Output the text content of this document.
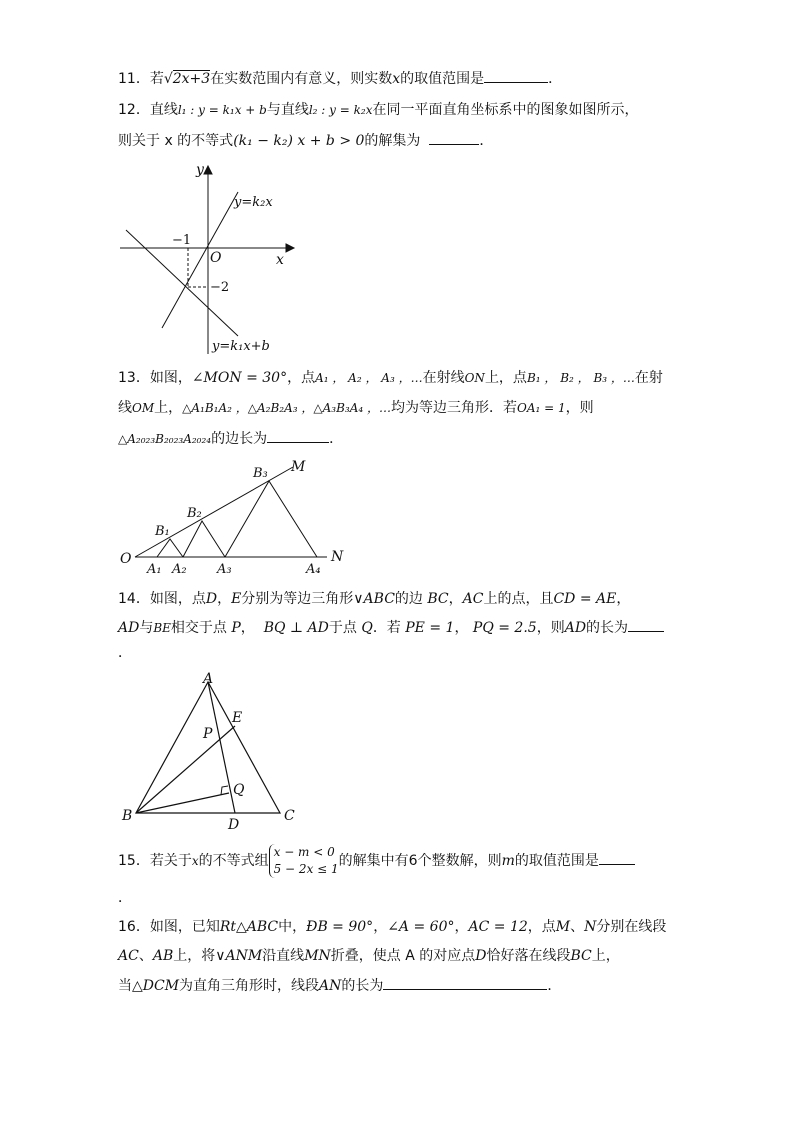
11．若√2x+3在实数范围内有意义，则实数x的取值范围是	．
12．直线l₁ : y = k₁x + b与直线l₂ : y = k₂x在同一平面直角坐标系中的图象如图所示，
则关于 x 的不等式(k₁ − k₂) x + b > 0的解集为	．
y
x
O
−1
−2
y=k₂x
y=k₁x+b
13．如图，∠MON = 30°，点A₁ ， A₂ ， A₃ ，…在射线ON上，点B₁ ， B₂ ， B₃ ，…在射
线OM上，△A₁B₁A₂ ，△A₂B₂A₃ ，△A₃B₃A₄ ，…均为等边三角形．若OA₁ = 1，则
△A₂₀₂₃B₂₀₂₃A₂₀₂₄的边长为	．
O	N
M
A₁ A₂ A₃	A₄
B₁
B₂
B₃
14．如图，点D，E分别为等边三角形∨ABC的边 BC，AC上的点，且CD = AE，
AD与BE相交于点 P， BQ ⊥ AD于点 Q．若 PE = 1， PQ = 2.5，则AD的长为
．
A
B	C
D
E
P
Q
15．若关于x的不等式组x − m < 0
5 − 2x ≤ 1的解集中有6个整数解，则m的取值范围是
．
16．如图，已知Rt△ABC中，ÐB = 90°，∠A = 60°，AC = 12，点M、N分别在线段
AC、AB上，将∨ANM沿直线MN折叠，使点 A 的对应点D恰好落在线段BC上，
当△DCM为直角三角形时，线段AN的长为	．
